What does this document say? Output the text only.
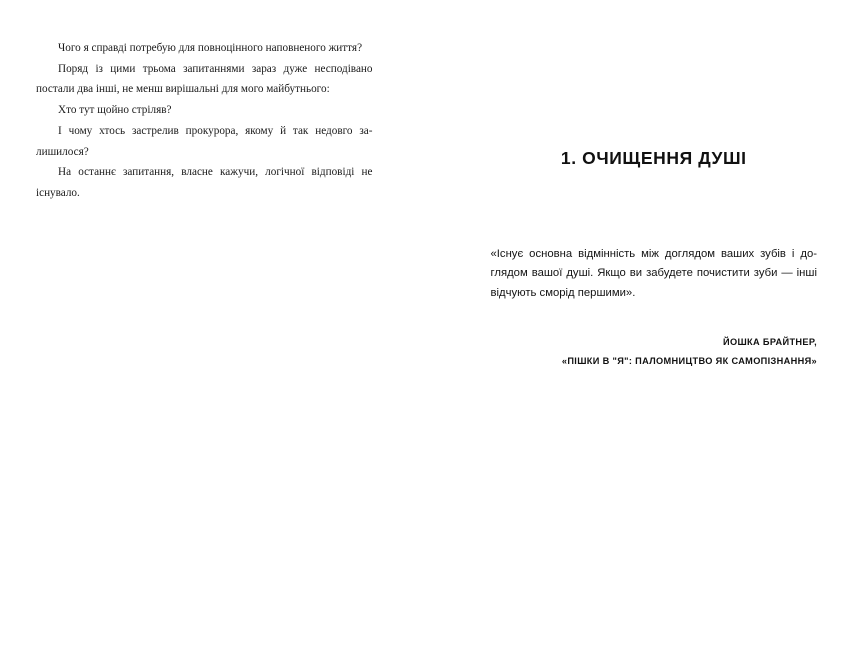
Чого я справді потребую для повноцінного наповненого життя?

Поряд із цими трьома запитаннями зараз дуже несподівано постали два інші, не менш вирішальні для мого майбутнього:

Хто тут щойно стріляв?

І чому хтось застрелив прокурора, якому й так недовго залишилося?

На останнє запитання, власне кажучи, логічної відповіді не існувало.

1. ОЧИЩЕННЯ ДУШІ

«Існує основна відмінність між доглядом ваших зубів і доглядом вашої душі. Якщо ви забудете почистити зуби — інші відчують сморід першими».

ЙОШКА БРАЙТНЕР,

«ПІШКИ В "Я": ПАЛОМНИЦТВО ЯК САМОПІЗНАННЯ»
